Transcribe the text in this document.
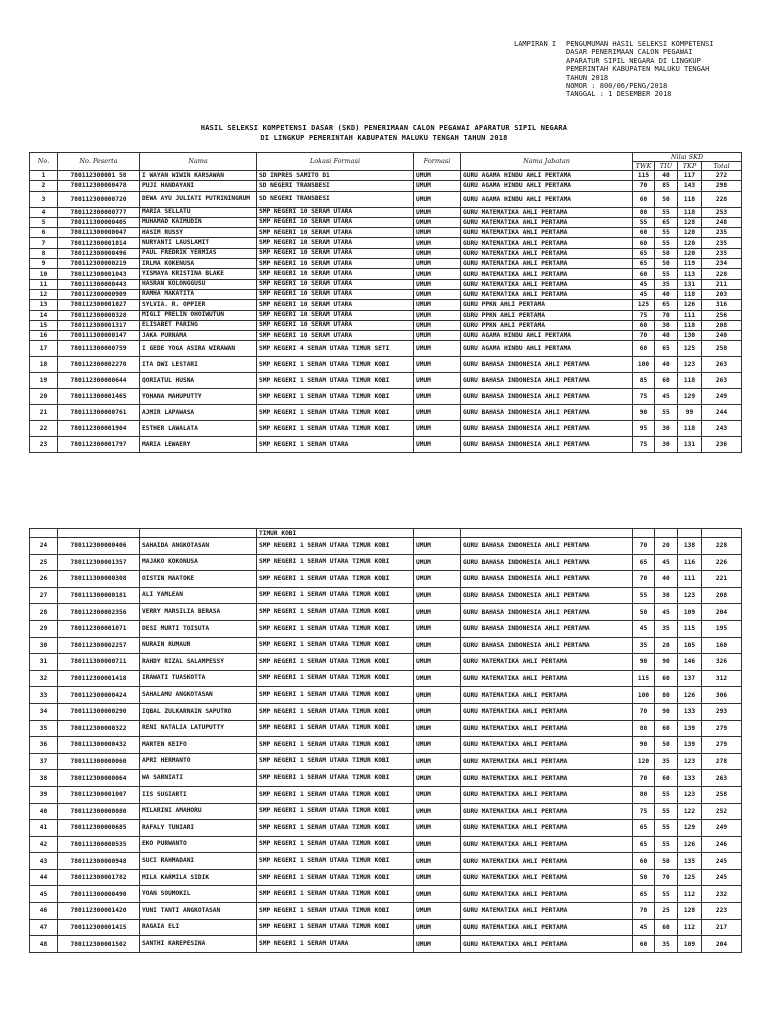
LAMPIRAN I	PENGUMUMAN HASIL SELEKSI KOMPETENSI
DASAR PENERIMAAN CALON PEGAWAI
APARATUR SIPIL NEGARA DI LINGKUP
PEMERINTAH KABUPATEN MALUKU TENGAH
TAHUN 2018
NOMOR : 800/06/PENG/2018
TANGGAL : 1 DESEMBER 2018
HASIL SELEKSI KOMPETENSI DASAR (SKD) PENERIMAAN CALON PEGAWAI APARATUR SIPIL NEGARA
DI LINGKUP PEMERINTAH KABUPATEN MALUKU TENGAH TAHUN 2018
No.	No. Peserta	Nama	Lokasi Formasi	Formasi	Nama Jabatan	Nilai SKD			
						TWK	TIU	TKP	Total
1	780112300001 58	I WAYAN WIWIN KARSAWAN	SD INPRES SAMITO D1	UMUM	GURU AGAMA HINDU AHLI PERTAMA	115	40	117	272
2	780112300000478	PUJI HANDAYANI	SD NEGERI TRANSBESI	UMUM	GURU AGAMA HINDU AHLI PERTAMA	70	85	143	298
3	780112300000720	DEWA AYU JULIATI PUTRININGRUM	SD NEGERI TRANSBESI	UMUM	GURU AGAMA HINDU AHLI PERTAMA	60	50	118	228
4	780112300000777	MARIA SELLATU	SMP NEGERI 10 SERAM UTARA	UMUM	GURU MATEMATIKA AHLI PERTAMA	80	55	118	253
5	780111300000405	MUHAMAD KAIMUDIN	SMP NEGERI 10 SERAM UTARA	UMUM	GURU MATEMATIKA AHLI PERTAMA	55	65	128	248
6	780111300000047	HASIM RUSSY	SMP NEGERI 10 SERAM UTARA	UMUM	GURU MATEMATIKA AHLI PERTAMA	60	55	120	235
7	780112300001014	NURYANTI LAUSLAMIT	SMP NEGERI 10 SERAM UTARA	UMUM	GURU MATEMATIKA AHLI PERTAMA	60	55	120	235
8	780112300000496	PAUL FREDRIK YERMIAS	SMP NEGERI 10 SERAM UTARA	UMUM	GURU MATEMATIKA AHLI PERTAMA	65	50	120	235
9	780112300000219	IRLMA KOKENUSA	SMP NEGERI 10 SERAM UTARA	UMUM	GURU MATEMATIKA AHLI PERTAMA	65	50	119	234
10	780112300001043	YISMAYA KRISTINA BLAKE	SMP NEGERI 10 SERAM UTARA	UMUM	GURU MATEMATIKA AHLI PERTAMA	60	55	113	228
11	780111300000443	HASRAN KOLONGGUSU	SMP NEGERI 10 SERAM UTARA	UMUM	GURU MATEMATIKA AHLI PERTAMA	45	35	131	211
12	780112300000909	RAMHA MAKATITA	SMP NEGERI 10 SERAM UTARA	UMUM	GURU MATEMATIKA AHLI PERTAMA	45	40	118	203
13	780112300001027	SYLVIA. R. OPPIER	SMP NEGERI 10 SERAM UTARA	UMUM	GURU PPKN AHLI PERTAMA	125	65	126	316
14	780112300000328	MIGLI PRELIN OHOIWUTUN	SMP NEGERI 10 SERAM UTARA	UMUM	GURU PPKN AHLI PERTAMA	75	70	111	256
15	780112300001317	ELISABET PARING	SMP NEGERI 10 SERAM UTARA	UMUM	GURU PPKN AHLI PERTAMA	60	30	118	208
16	780111300000147	JAKA PURNAMA	SMP NEGERI 10 SERAM UTARA	UMUM	GURU AGAMA HINDU AHLI PERTAMA	70	40	130	240
17	780111300000759	I GEDE YOGA ASIRA WIRAWAN	SMP NEGERI 4 SERAM UTARA TIMUR SETI	UMUM	GURU AGAMA HINDU AHLI PERTAMA	60	65	125	250
18	780112300002270	ITA DWI LESTARI	SMP NEGERI 1 SERAM UTARA TIMUR KOBI	UMUM	GURU BAHASA INDONESIA AHLI PERTAMA	100	40	123	263
19	780112300000644	QORIATUL HUSNA	SMP NEGERI 1 SERAM UTARA TIMUR KOBI	UMUM	GURU BAHASA INDONESIA AHLI PERTAMA	85	60	118	263
20	780111300001465	YOHANA MAHUPUTTY	SMP NEGERI 1 SERAM UTARA TIMUR KOBI	UMUM	GURU BAHASA INDONESIA AHLI PERTAMA	75	45	129	249
21	780111300000761	AJMIR LAPAWASA	SMP NEGERI 1 SERAM UTARA TIMUR KOBI	UMUM	GURU BAHASA INDONESIA AHLI PERTAMA	90	55	99	244
22	780112300001904	ESTHER LAWALATA	SMP NEGERI 1 SERAM UTARA TIMUR KOBI	UMUM	GURU BAHASA INDONESIA AHLI PERTAMA	95	30	118	243
23	780112300001797	MARIA LEWAERY	SMP NEGERI 1 SERAM UTARA	UMUM	GURU BAHASA INDONESIA AHLI PERTAMA	75	30	131	236
			TIMUR KOBI						
24	780112300000406	SAHAIDA ANGKOTASAN	SMP NEGERI 1 SERAM UTARA TIMUR KOBI	UMUM	GURU BAHASA INDONESIA AHLI PERTAMA	70	20	138	228
25	780112300001357	MAJAKO KOKONUSA	SMP NEGERI 1 SERAM UTARA TIMUR KOBI	UMUM	GURU BAHASA INDONESIA AHLI PERTAMA	65	45	116	226
26	780111300000308	OISTIN MAATOKE	SMP NEGERI 1 SERAM UTARA TIMUR KOBI	UMUM	GURU BAHASA INDONESIA AHLI PERTAMA	70	40	111	221
27	780111300000181	ALI YAMLEAN	SMP NEGERI 1 SERAM UTARA TIMUR KOBI	UMUM	GURU BAHASA INDONESIA AHLI PERTAMA	55	30	123	208
28	780112300002356	VERRY MARSILIA BERASA	SMP NEGERI 1 SERAM UTARA TIMUR KOBI	UMUM	GURU BAHASA INDONESIA AHLI PERTAMA	50	45	109	204
29	780112300001071	DESI MURTI TOISUTA	SMP NEGERI 1 SERAM UTARA TIMUR KOBI	UMUM	GURU BAHASA INDONESIA AHLI PERTAMA	45	35	115	195
30	780112300002257	NURAIN RUMAUR	SMP NEGERI 1 SERAM UTARA TIMUR KOBI	UMUM	GURU BAHASA INDONESIA AHLI PERTAMA	35	20	105	160
31	780111300000711	RAHDY RIZAL SALAMPESSY	SMP NEGERI 1 SERAM UTARA TIMUR KOBI	UMUM	GURU MATEMATIKA AHLI PERTAMA	90	90	146	326
32	780112300001418	IRAWATI TUASKOTTA	SMP NEGERI 1 SERAM UTARA TIMUR KOBI	UMUM	GURU MATEMATIKA AHLI PERTAMA	115	60	137	312
33	780112300000424	SAHALAMU ANGKOTASAN	SMP NEGERI 1 SERAM UTARA TIMUR KOBI	UMUM	GURU MATEMATIKA AHLI PERTAMA	100	80	126	306
34	780111300000290	IQBAL ZULKARNAIN SAPUTRO	SMP NEGERI 1 SERAM UTARA TIMUR KOBI	UMUM	GURU MATEMATIKA AHLI PERTAMA	70	90	133	293
35	780112300000322	RENI NATALIA LATUPUTTY	SMP NEGERI 1 SERAM UTARA TIMUR KOBI	UMUM	GURU MATEMATIKA AHLI PERTAMA	80	60	139	279
36	780111300000432	MARTEN KEIFO	SMP NEGERI 1 SERAM UTARA TIMUR KOBI	UMUM	GURU MATEMATIKA AHLI PERTAMA	90	50	139	279
37	780111300000060	APRI HERMANTO	SMP NEGERI 1 SERAM UTARA TIMUR KOBI	UMUM	GURU MATEMATIKA AHLI PERTAMA	120	35	123	278
38	780112300000064	WA SARNIATI	SMP NEGERI 1 SERAM UTARA TIMUR KOBI	UMUM	GURU MATEMATIKA AHLI PERTAMA	70	60	133	263
39	780112300001007	IIS SUGIARTI	SMP NEGERI 1 SERAM UTARA TIMUR KOBI	UMUM	GURU MATEMATIKA AHLI PERTAMA	80	55	123	258
40	780112300000080	MILARINI AMAHORU	SMP NEGERI 1 SERAM UTARA TIMUR KOBI	UMUM	GURU MATEMATIKA AHLI PERTAMA	75	55	122	252
41	780112300000685	RAFALY TUNIARI	SMP NEGERI 1 SERAM UTARA TIMUR KOBI	UMUM	GURU MATEMATIKA AHLI PERTAMA	65	55	129	249
42	780111300000535	EKO PURWANTO	SMP NEGERI 1 SERAM UTARA TIMUR KOBI	UMUM	GURU MATEMATIKA AHLI PERTAMA	65	55	126	246
43	780112300000948	SUCI RAHMADANI	SMP NEGERI 1 SERAM UTARA TIMUR KOBI	UMUM	GURU MATEMATIKA AHLI PERTAMA	60	50	135	245
44	780112300001782	MILA KARMILA SIDIK	SMP NEGERI 1 SERAM UTARA TIMUR KOBI	UMUM	GURU MATEMATIKA AHLI PERTAMA	50	70	125	245
45	780111300000490	YOAN SOUMOKIL	SMP NEGERI 1 SERAM UTARA TIMUR KOBI	UMUM	GURU MATEMATIKA AHLI PERTAMA	65	55	112	232
46	780112300001420	YUNI TANTI ANGKOTASAN	SMP NEGERI 1 SERAM UTARA TIMUR KOBI	UMUM	GURU MATEMATIKA AHLI PERTAMA	70	25	128	223
47	780112300001415	RAGAIA ELI	SMP NEGERI 1 SERAM UTARA TIMUR KOBI	UMUM	GURU MATEMATIKA AHLI PERTAMA	45	60	112	217
48	780112300001502	SANTHI KAREPESINA	SMP NEGERI 1 SERAM UTARA	UMUM	GURU MATEMATIKA AHLI PERTAMA	60	35	109	204
